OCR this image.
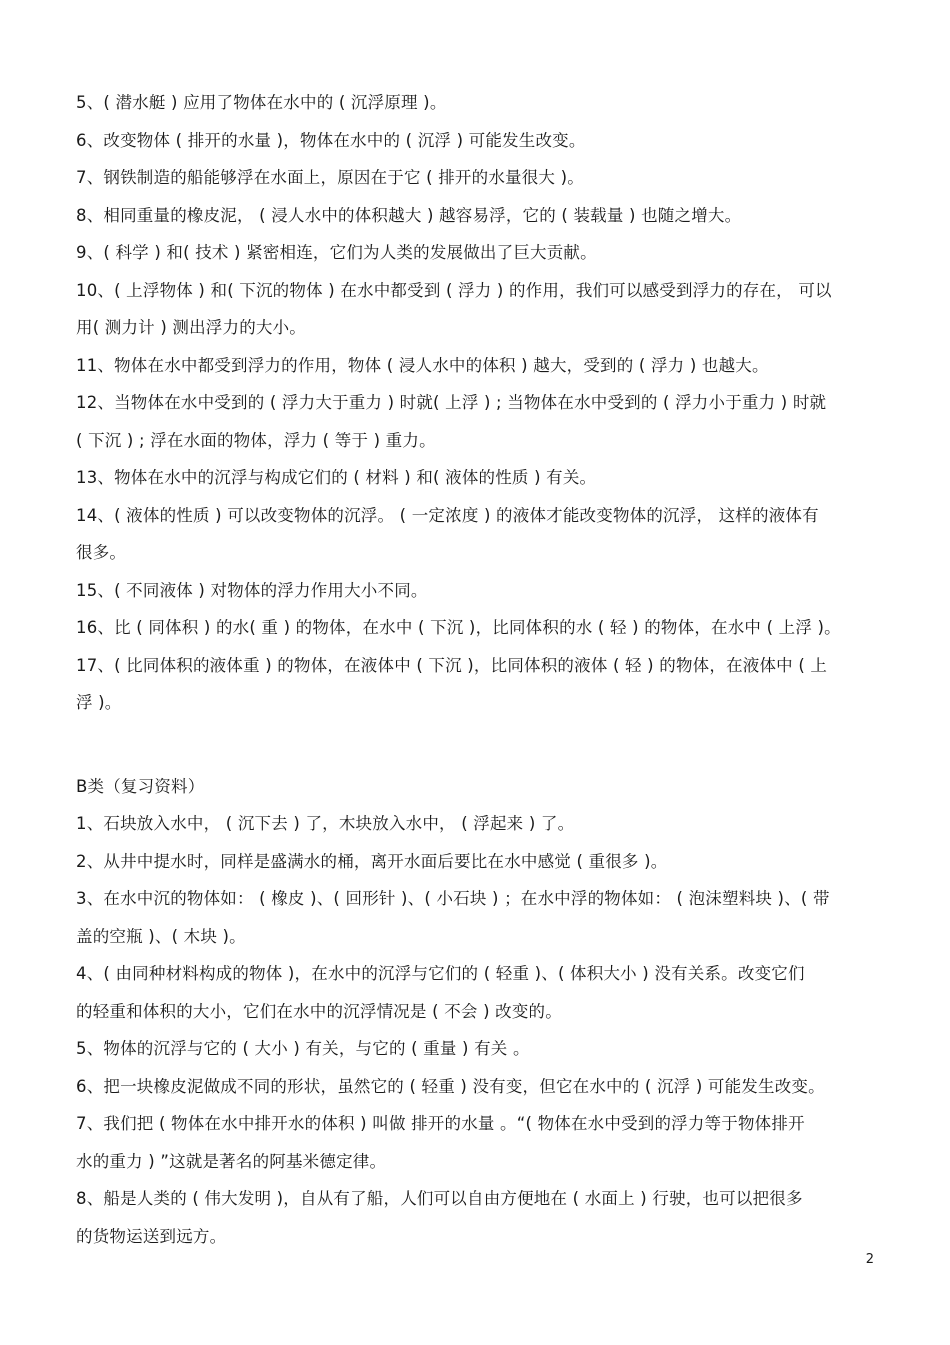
5、( 潜水艇 ) 应用了物体在水中的 ( 沉浮原理 )。
6、改变物体 ( 排开的水量 )，物体在水中的 ( 沉浮 ) 可能发生改变。
7、钢铁制造的船能够浮在水面上，原因在于它 ( 排开的水量很大 )。
8、相同重量的橡皮泥， ( 浸人水中的体积越大 ) 越容易浮，它的 ( 装载量 ) 也随之增大。
9、( 科学 ) 和( 技术 ) 紧密相连，它们为人类的发展做出了巨大贡献。
10、( 上浮物体 ) 和( 下沉的物体 ) 在水中都受到 ( 浮力 ) 的作用，我们可以感受到浮力的存在， 可以
用( 测力计 ) 测出浮力的大小。
11、物体在水中都受到浮力的作用，物体 ( 浸人水中的体积 ) 越大，受到的 ( 浮力 ) 也越大。
12、当物体在水中受到的 ( 浮力大于重力 ) 时就( 上浮 ) ; 当物体在水中受到的 ( 浮力小于重力 ) 时就
( 下沉 ) ; 浮在水面的物体，浮力 ( 等于 ) 重力。
13、物体在水中的沉浮与构成它们的 ( 材料 ) 和( 液体的性质 ) 有关。
14、( 液体的性质 ) 可以改变物体的沉浮。 ( 一定浓度 ) 的液体才能改变物体的沉浮， 这样的液体有
很多。
15、( 不同液体 ) 对物体的浮力作用大小不同。
16、比 ( 同体积 ) 的水( 重 ) 的物体，在水中 ( 下沉 )，比同体积的水 ( 轻 ) 的物体，在水中 ( 上浮 )。
17、( 比同体积的液体重 ) 的物体，在液体中 ( 下沉 )，比同体积的液体 ( 轻 ) 的物体，在液体中 ( 上
浮 )。
B类（复习资料）
1、石块放入水中， ( 沉下去 ) 了，木块放入水中， ( 浮起来 ) 了。
2、从井中提水时，同样是盛满水的桶，离开水面后要比在水中感觉 ( 重很多 )。
3、在水中沉的物体如： ( 橡皮 )、( 回形针 )、( 小石块 ) ；在水中浮的物体如： ( 泡沫塑料块 )、( 带
盖的空瓶 )、( 木块 )。
4、( 由同种材料构成的物体 )，在水中的沉浮与它们的 ( 轻重 )、( 体积大小 ) 没有关系。改变它们
的轻重和体积的大小，它们在水中的沉浮情况是 ( 不会 ) 改变的。
5、物体的沉浮与它的 ( 大小 ) 有关，与它的 ( 重量 ) 有关 。
6、把一块橡皮泥做成不同的形状，虽然它的 ( 轻重 ) 没有变，但它在水中的 ( 沉浮 ) 可能发生改变。
7、我们把 ( 物体在水中排开水的体积 ) 叫做 排开的水量 。“( 物体在水中受到的浮力等于物体排开
水的重力 ) ”这就是著名的阿基米德定律。
8、船是人类的 ( 伟大发明 )，自从有了船，人们可以自由方便地在 ( 水面上 ) 行驶，也可以把很多
的货物运送到远方。
2
